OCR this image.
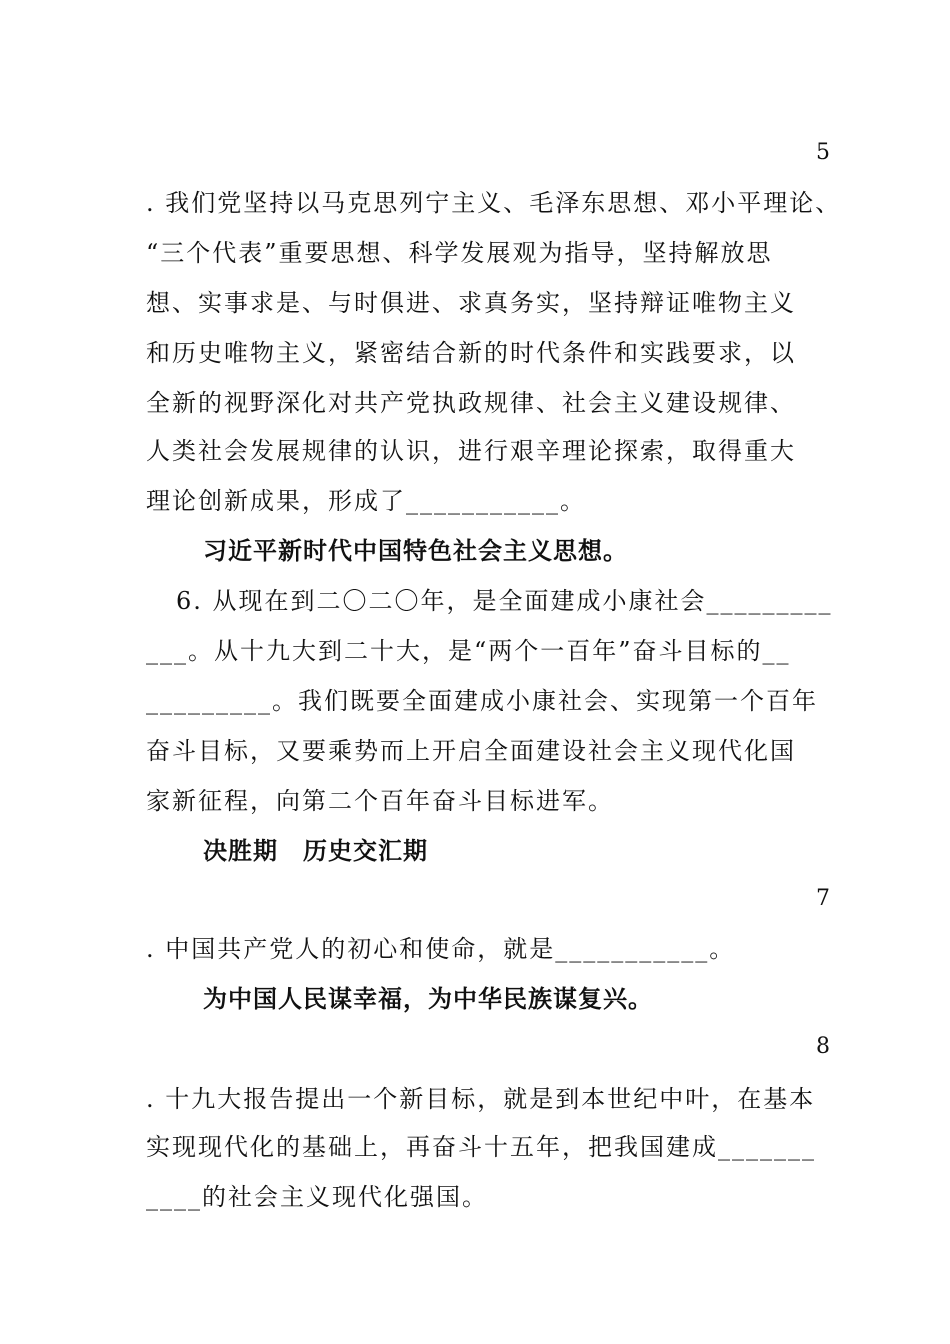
5
. 我们党坚持以马克思列宁主义、毛泽东思想、邓小平理论、
“三个代表”重要思想、科学发展观为指导，坚持解放思
想、实事求是、与时俱进、求真务实，坚持辩证唯物主义
和历史唯物主义，紧密结合新的时代条件和实践要求，以
全新的视野深化对共产党执政规律、社会主义建设规律、
人类社会发展规律的认识，进行艰辛理论探索，取得重大
理论创新成果，形成了___________。
习近平新时代中国特色社会主义思想。
6. 从现在到二〇二〇年，是全面建成小康社会_________
___。从十九大到二十大，是“两个一百年”奋斗目标的__
_________。我们既要全面建成小康社会、实现第一个百年
奋斗目标，又要乘势而上开启全面建设社会主义现代化国
家新征程，向第二个百年奋斗目标进军。
决胜期　历史交汇期
7
. 中国共产党人的初心和使命，就是___________。
为中国人民谋幸福，为中华民族谋复兴。
8
. 十九大报告提出一个新目标，就是到本世纪中叶，在基本
实现现代化的基础上，再奋斗十五年，把我国建成_______
____的社会主义现代化强国。
